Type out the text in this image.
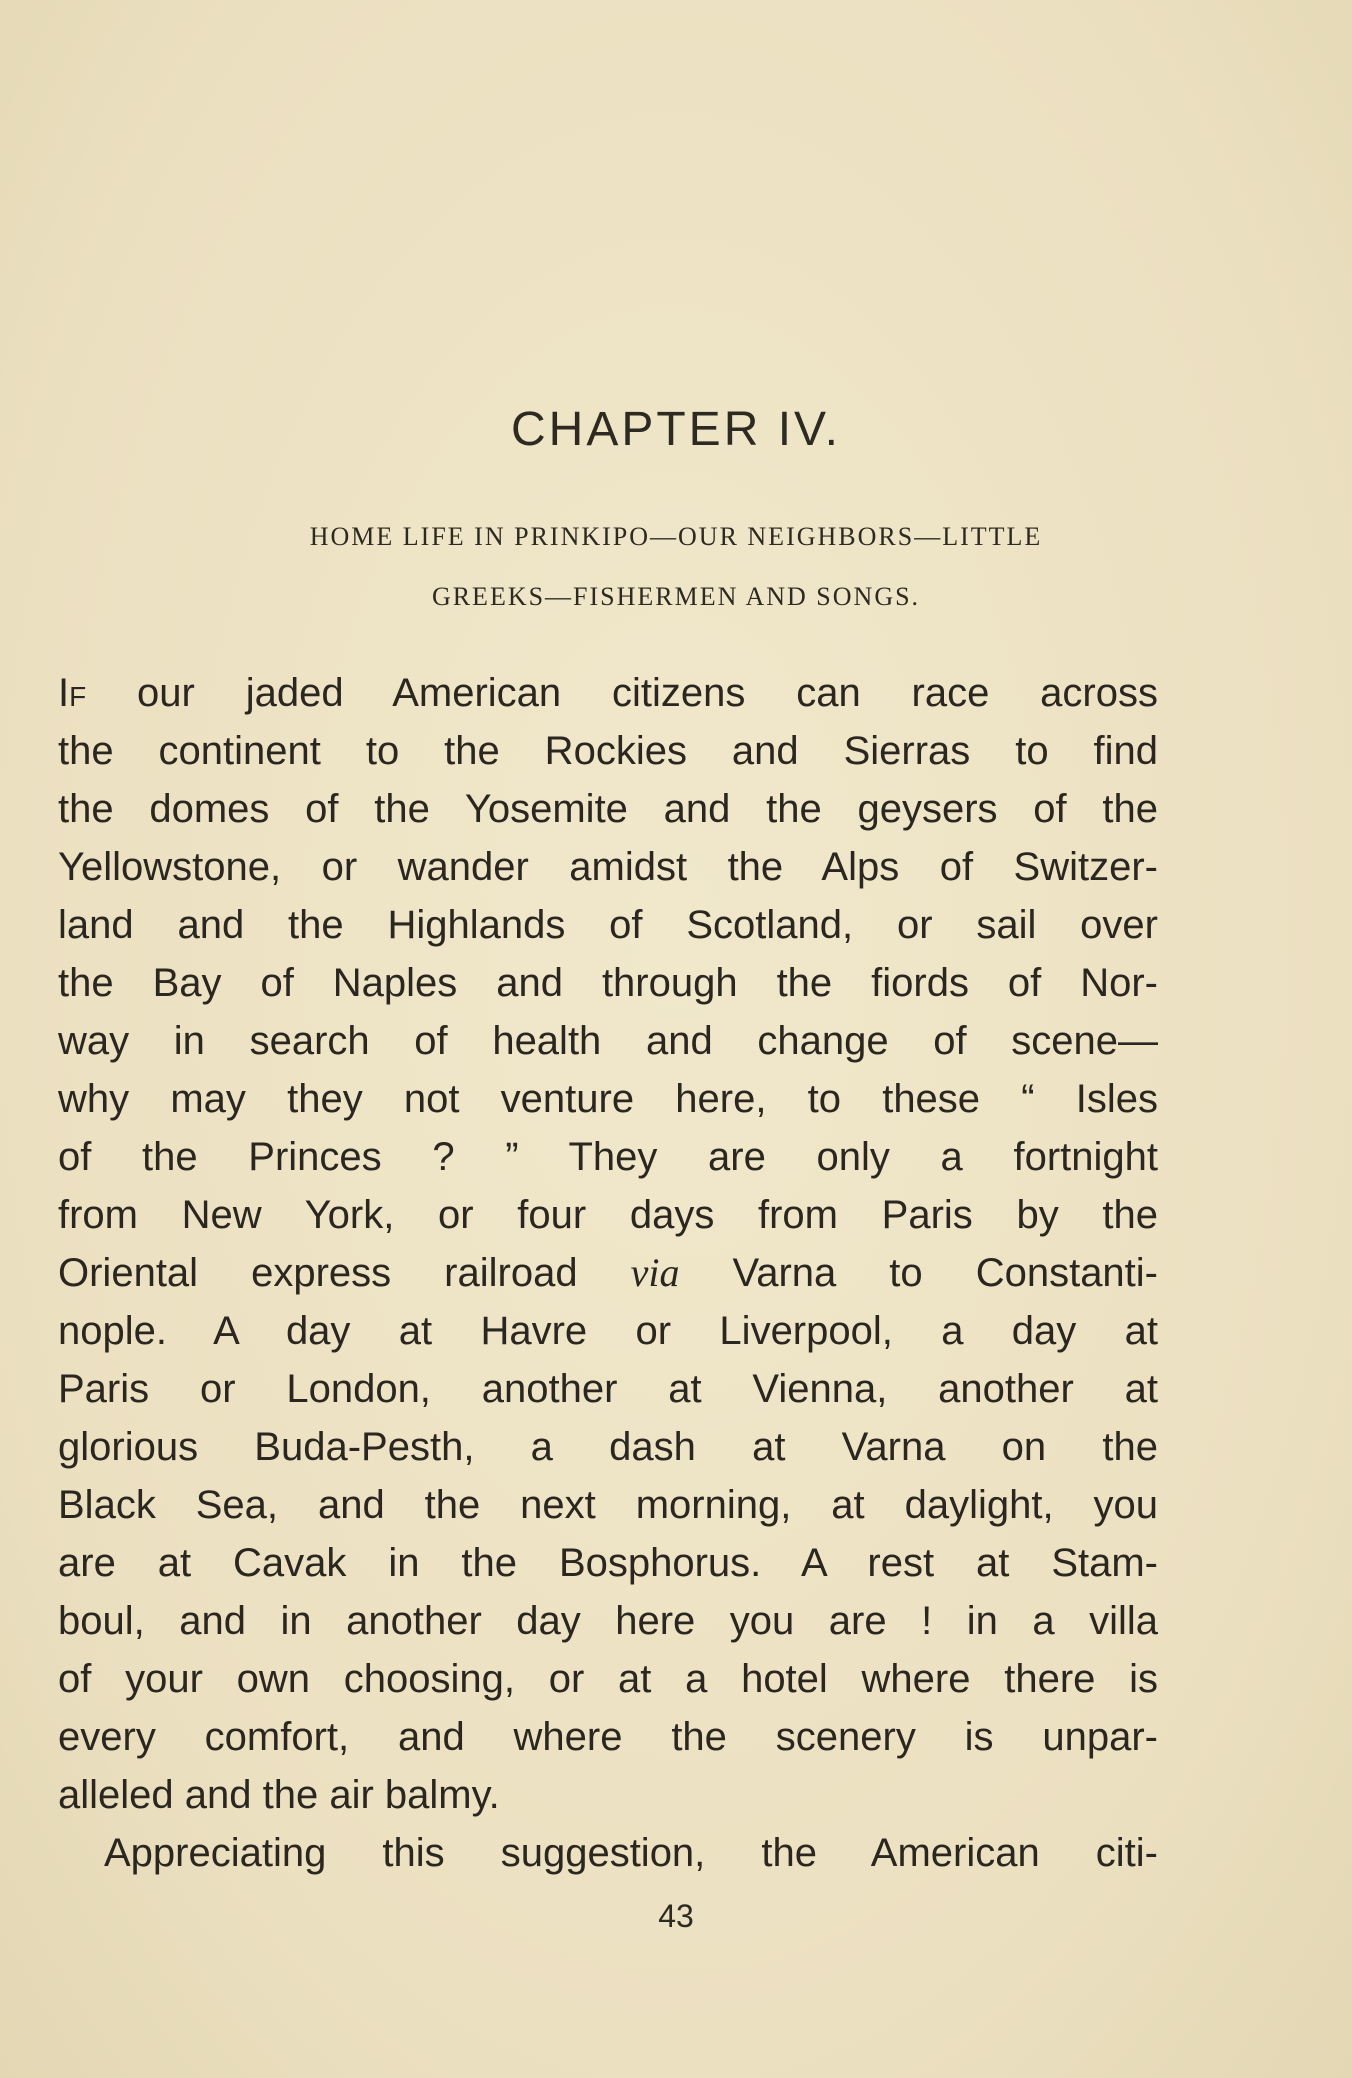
CHAPTER IV.
HOME LIFE IN PRINKIPO—OUR NEIGHBORS—LITTLE
GREEKS—FISHERMEN AND SONGS.
If our jaded American citizens can race across
the continent to the Rockies and Sierras to find
the domes of the Yosemite and the geysers of the
Yellowstone, or wander amidst the Alps of Switzer-
land and the Highlands of Scotland, or sail over
the Bay of Naples and through the fiords of Nor-
way in search of health and change of scene—
why may they not venture here, to these “ Isles
of the Princes ? ” They are only a fortnight
from New York, or four days from Paris by the
Oriental express railroad via Varna to Constanti-
nople. A day at Havre or Liverpool, a day at
Paris or London, another at Vienna, another at
glorious Buda-Pesth, a dash at Varna on the
Black Sea, and the next morning, at daylight, you
are at Cavak in the Bosphorus. A rest at Stam-
boul, and in another day here you are ! in a villa
of your own choosing, or at a hotel where there is
every comfort, and where the scenery is unpar-
alleled and the air balmy.
Appreciating this suggestion, the American citi-
43
